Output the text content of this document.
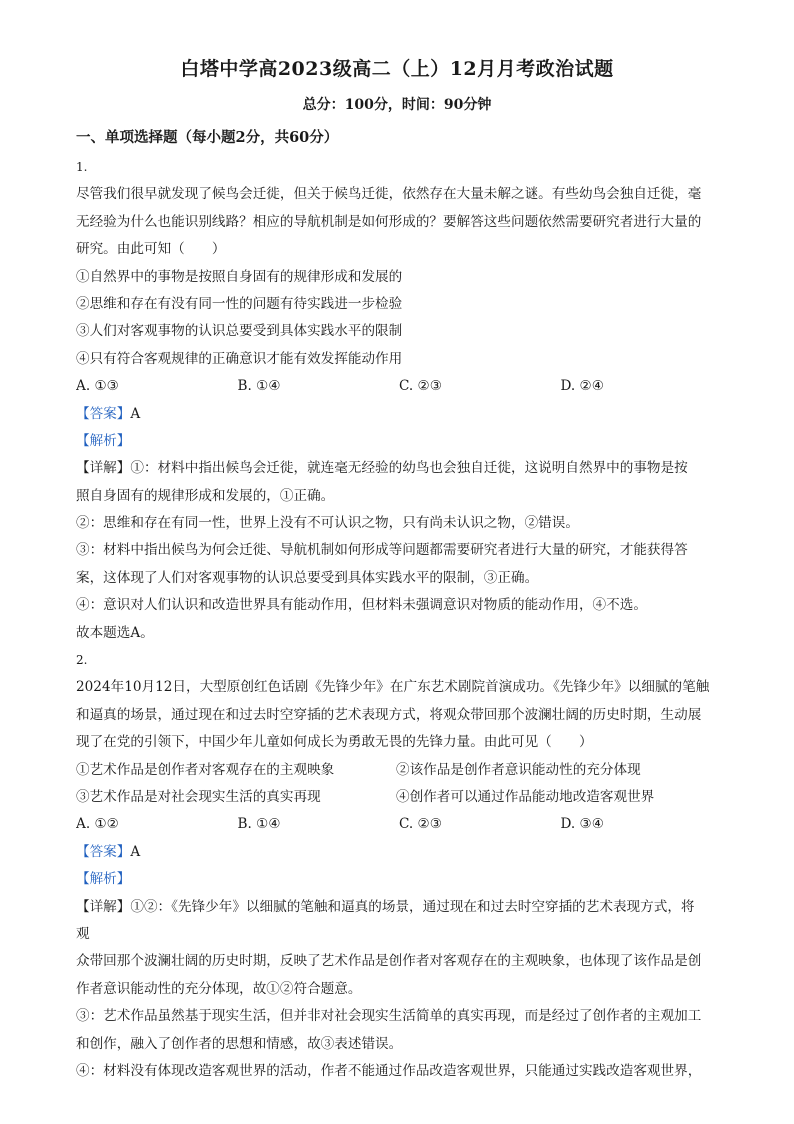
白塔中学高2023级高二（上）12月月考政治试题
总分：100分，时间：90分钟
一、单项选择题（每小题2分，共60分）
1.
尽管我们很早就发现了候鸟会迁徙，但关于候鸟迁徙，依然存在大量未解之谜。有些幼鸟会独自迁徙，毫
无经验为什么也能识别线路？相应的导航机制是如何形成的？要解答这些问题依然需要研究者进行大量的
研究。由此可知（　　）
①自然界中的事物是按照自身固有的规律形成和发展的
②思维和存在有没有同一性的问题有待实践进一步检验
③人们对客观事物的认识总要受到具体实践水平的限制
④只有符合客观规律的正确意识才能有效发挥能动作用
A. ①③	B. ①④	C. ②③	D. ②④
【答案】A
【解析】
【详解】①：材料中指出候鸟会迁徙，就连毫无经验的幼鸟也会独自迁徙，这说明自然界中的事物是按
照自身固有的规律形成和发展的，①正确。
②：思维和存在有同一性，世界上没有不可认识之物，只有尚未认识之物，②错误。
③：材料中指出候鸟为何会迁徙、导航机制如何形成等问题都需要研究者进行大量的研究，才能获得答
案，这体现了人们对客观事物的认识总要受到具体实践水平的限制，③正确。
④：意识对人们认识和改造世界具有能动作用，但材料未强调意识对物质的能动作用，④不选。
故本题选A。
2.
2024年10月12日，大型原创红色话剧《先锋少年》在广东艺术剧院首演成功。《先锋少年》以细腻的笔触
和逼真的场景，通过现在和过去时空穿插的艺术表现方式，将观众带回那个波澜壮阔的历史时期，生动展
现了在党的引领下，中国少年儿童如何成长为勇敢无畏的先锋力量。由此可见（　　）
①艺术作品是创作者对客观存在的主观映象	②该作品是创作者意识能动性的充分体现
③艺术作品是对社会现实生活的真实再现	④创作者可以通过作品能动地改造客观世界
A. ①②	B. ①④	C. ②③	D. ③④
【答案】A
【解析】
【详解】①②：《先锋少年》以细腻的笔触和逼真的场景，通过现在和过去时空穿插的艺术表现方式，将
观
众带回那个波澜壮阔的历史时期，反映了艺术作品是创作者对客观存在的主观映象，也体现了该作品是创
作者意识能动性的充分体现，故①②符合题意。
③：艺术作品虽然基于现实生活，但并非对社会现实生活简单的真实再现，而是经过了创作者的主观加工
和创作，融入了创作者的思想和情感，故③表述错误。
④：材料没有体现改造客观世界的活动，作者不能通过作品改造客观世界，只能通过实践改造客观世界，
